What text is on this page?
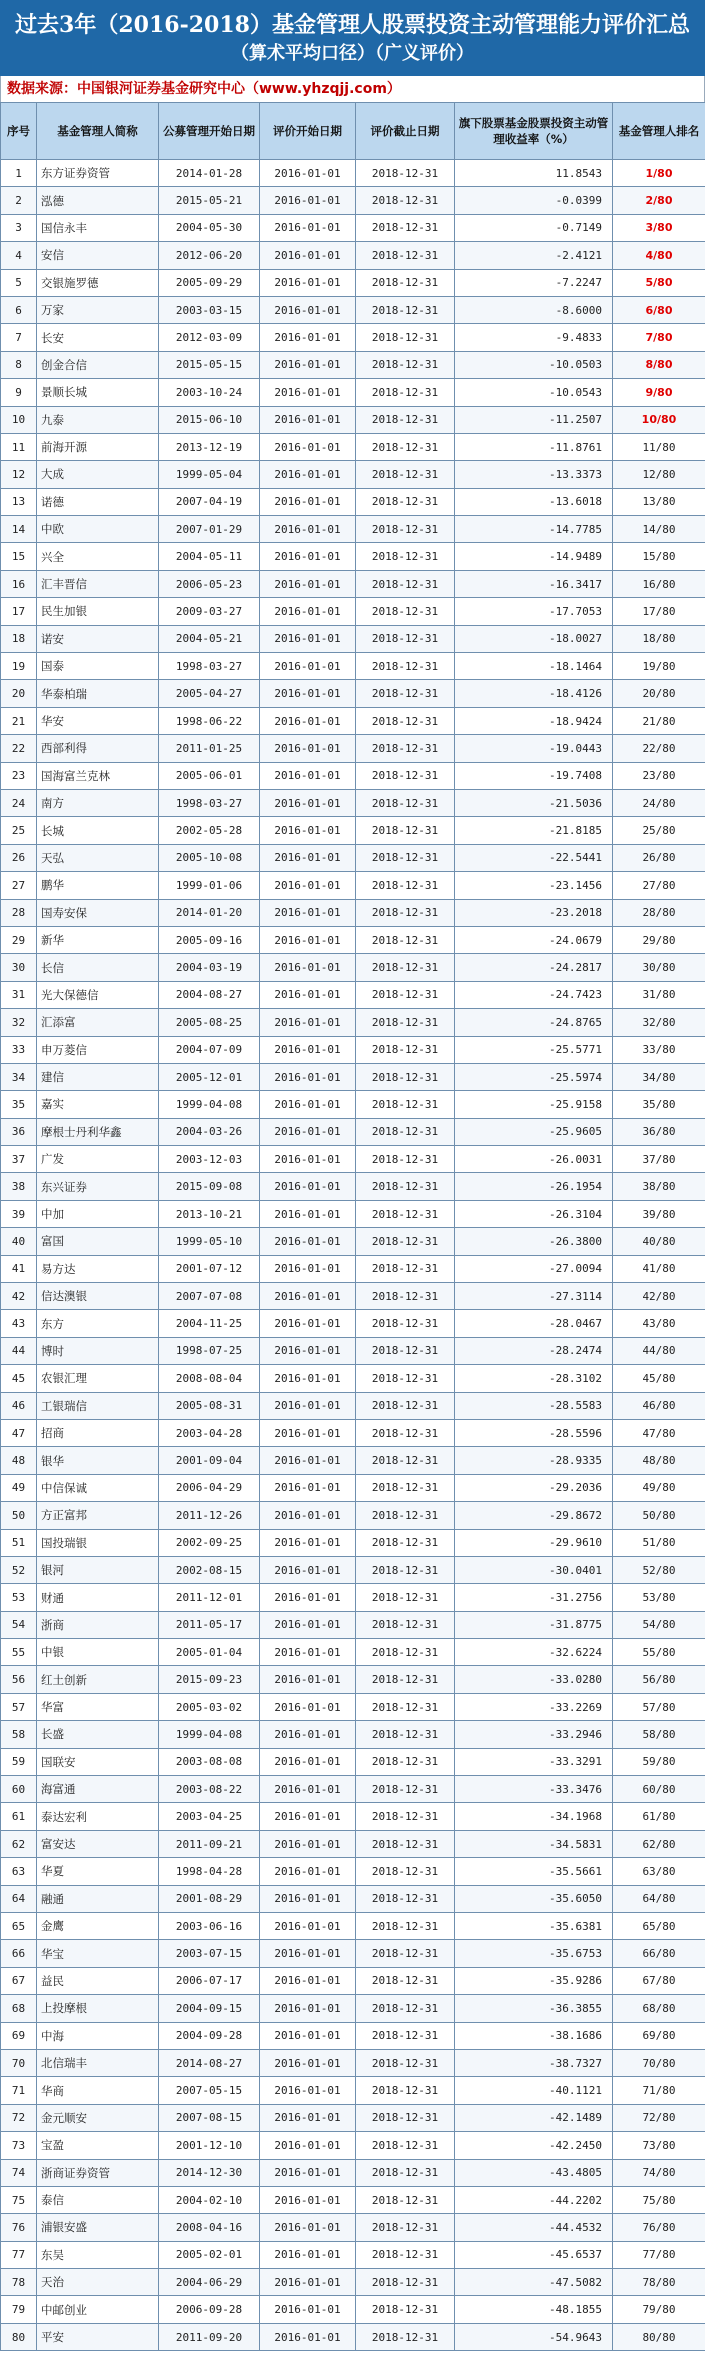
过去3年（2016-2018）基金管理人股票投资主动管理能力评价汇总
（算术平均口径）（广义评价）
数据来源：中国银河证券基金研究中心（www.yhzqjj.com）
序号	基金管理人简称	公募管理开始日期	评价开始日期	评价截止日期	旗下股票基金股票投资主动管理收益率（%）	基金管理人排名
1	东方证券资管	2014-01-28	2016-01-01	2018-12-31	11.8543	1/80
2	泓德	2015-05-21	2016-01-01	2018-12-31	-0.0399	2/80
3	国信永丰	2004-05-30	2016-01-01	2018-12-31	-0.7149	3/80
4	安信	2012-06-20	2016-01-01	2018-12-31	-2.4121	4/80
5	交银施罗德	2005-09-29	2016-01-01	2018-12-31	-7.2247	5/80
6	万家	2003-03-15	2016-01-01	2018-12-31	-8.6000	6/80
7	长安	2012-03-09	2016-01-01	2018-12-31	-9.4833	7/80
8	创金合信	2015-05-15	2016-01-01	2018-12-31	-10.0503	8/80
9	景顺长城	2003-10-24	2016-01-01	2018-12-31	-10.0543	9/80
10	九泰	2015-06-10	2016-01-01	2018-12-31	-11.2507	10/80
11	前海开源	2013-12-19	2016-01-01	2018-12-31	-11.8761	11/80
12	大成	1999-05-04	2016-01-01	2018-12-31	-13.3373	12/80
13	诺德	2007-04-19	2016-01-01	2018-12-31	-13.6018	13/80
14	中欧	2007-01-29	2016-01-01	2018-12-31	-14.7785	14/80
15	兴全	2004-05-11	2016-01-01	2018-12-31	-14.9489	15/80
16	汇丰晋信	2006-05-23	2016-01-01	2018-12-31	-16.3417	16/80
17	民生加银	2009-03-27	2016-01-01	2018-12-31	-17.7053	17/80
18	诺安	2004-05-21	2016-01-01	2018-12-31	-18.0027	18/80
19	国泰	1998-03-27	2016-01-01	2018-12-31	-18.1464	19/80
20	华泰柏瑞	2005-04-27	2016-01-01	2018-12-31	-18.4126	20/80
21	华安	1998-06-22	2016-01-01	2018-12-31	-18.9424	21/80
22	西部利得	2011-01-25	2016-01-01	2018-12-31	-19.0443	22/80
23	国海富兰克林	2005-06-01	2016-01-01	2018-12-31	-19.7408	23/80
24	南方	1998-03-27	2016-01-01	2018-12-31	-21.5036	24/80
25	长城	2002-05-28	2016-01-01	2018-12-31	-21.8185	25/80
26	天弘	2005-10-08	2016-01-01	2018-12-31	-22.5441	26/80
27	鹏华	1999-01-06	2016-01-01	2018-12-31	-23.1456	27/80
28	国寿安保	2014-01-20	2016-01-01	2018-12-31	-23.2018	28/80
29	新华	2005-09-16	2016-01-01	2018-12-31	-24.0679	29/80
30	长信	2004-03-19	2016-01-01	2018-12-31	-24.2817	30/80
31	光大保德信	2004-08-27	2016-01-01	2018-12-31	-24.7423	31/80
32	汇添富	2005-08-25	2016-01-01	2018-12-31	-24.8765	32/80
33	申万菱信	2004-07-09	2016-01-01	2018-12-31	-25.5771	33/80
34	建信	2005-12-01	2016-01-01	2018-12-31	-25.5974	34/80
35	嘉实	1999-04-08	2016-01-01	2018-12-31	-25.9158	35/80
36	摩根士丹利华鑫	2004-03-26	2016-01-01	2018-12-31	-25.9605	36/80
37	广发	2003-12-03	2016-01-01	2018-12-31	-26.0031	37/80
38	东兴证券	2015-09-08	2016-01-01	2018-12-31	-26.1954	38/80
39	中加	2013-10-21	2016-01-01	2018-12-31	-26.3104	39/80
40	富国	1999-05-10	2016-01-01	2018-12-31	-26.3800	40/80
41	易方达	2001-07-12	2016-01-01	2018-12-31	-27.0094	41/80
42	信达澳银	2007-07-08	2016-01-01	2018-12-31	-27.3114	42/80
43	东方	2004-11-25	2016-01-01	2018-12-31	-28.0467	43/80
44	博时	1998-07-25	2016-01-01	2018-12-31	-28.2474	44/80
45	农银汇理	2008-08-04	2016-01-01	2018-12-31	-28.3102	45/80
46	工银瑞信	2005-08-31	2016-01-01	2018-12-31	-28.5583	46/80
47	招商	2003-04-28	2016-01-01	2018-12-31	-28.5596	47/80
48	银华	2001-09-04	2016-01-01	2018-12-31	-28.9335	48/80
49	中信保诚	2006-04-29	2016-01-01	2018-12-31	-29.2036	49/80
50	方正富邦	2011-12-26	2016-01-01	2018-12-31	-29.8672	50/80
51	国投瑞银	2002-09-25	2016-01-01	2018-12-31	-29.9610	51/80
52	银河	2002-08-15	2016-01-01	2018-12-31	-30.0401	52/80
53	财通	2011-12-01	2016-01-01	2018-12-31	-31.2756	53/80
54	浙商	2011-05-17	2016-01-01	2018-12-31	-31.8775	54/80
55	中银	2005-01-04	2016-01-01	2018-12-31	-32.6224	55/80
56	红土创新	2015-09-23	2016-01-01	2018-12-31	-33.0280	56/80
57	华富	2005-03-02	2016-01-01	2018-12-31	-33.2269	57/80
58	长盛	1999-04-08	2016-01-01	2018-12-31	-33.2946	58/80
59	国联安	2003-08-08	2016-01-01	2018-12-31	-33.3291	59/80
60	海富通	2003-08-22	2016-01-01	2018-12-31	-33.3476	60/80
61	泰达宏利	2003-04-25	2016-01-01	2018-12-31	-34.1968	61/80
62	富安达	2011-09-21	2016-01-01	2018-12-31	-34.5831	62/80
63	华夏	1998-04-28	2016-01-01	2018-12-31	-35.5661	63/80
64	融通	2001-08-29	2016-01-01	2018-12-31	-35.6050	64/80
65	金鹰	2003-06-16	2016-01-01	2018-12-31	-35.6381	65/80
66	华宝	2003-07-15	2016-01-01	2018-12-31	-35.6753	66/80
67	益民	2006-07-17	2016-01-01	2018-12-31	-35.9286	67/80
68	上投摩根	2004-09-15	2016-01-01	2018-12-31	-36.3855	68/80
69	中海	2004-09-28	2016-01-01	2018-12-31	-38.1686	69/80
70	北信瑞丰	2014-08-27	2016-01-01	2018-12-31	-38.7327	70/80
71	华商	2007-05-15	2016-01-01	2018-12-31	-40.1121	71/80
72	金元顺安	2007-08-15	2016-01-01	2018-12-31	-42.1489	72/80
73	宝盈	2001-12-10	2016-01-01	2018-12-31	-42.2450	73/80
74	浙商证券资管	2014-12-30	2016-01-01	2018-12-31	-43.4805	74/80
75	泰信	2004-02-10	2016-01-01	2018-12-31	-44.2202	75/80
76	浦银安盛	2008-04-16	2016-01-01	2018-12-31	-44.4532	76/80
77	东吴	2005-02-01	2016-01-01	2018-12-31	-45.6537	77/80
78	天治	2004-06-29	2016-01-01	2018-12-31	-47.5082	78/80
79	中邮创业	2006-09-28	2016-01-01	2018-12-31	-48.1855	79/80
80	平安	2011-09-20	2016-01-01	2018-12-31	-54.9643	80/80
